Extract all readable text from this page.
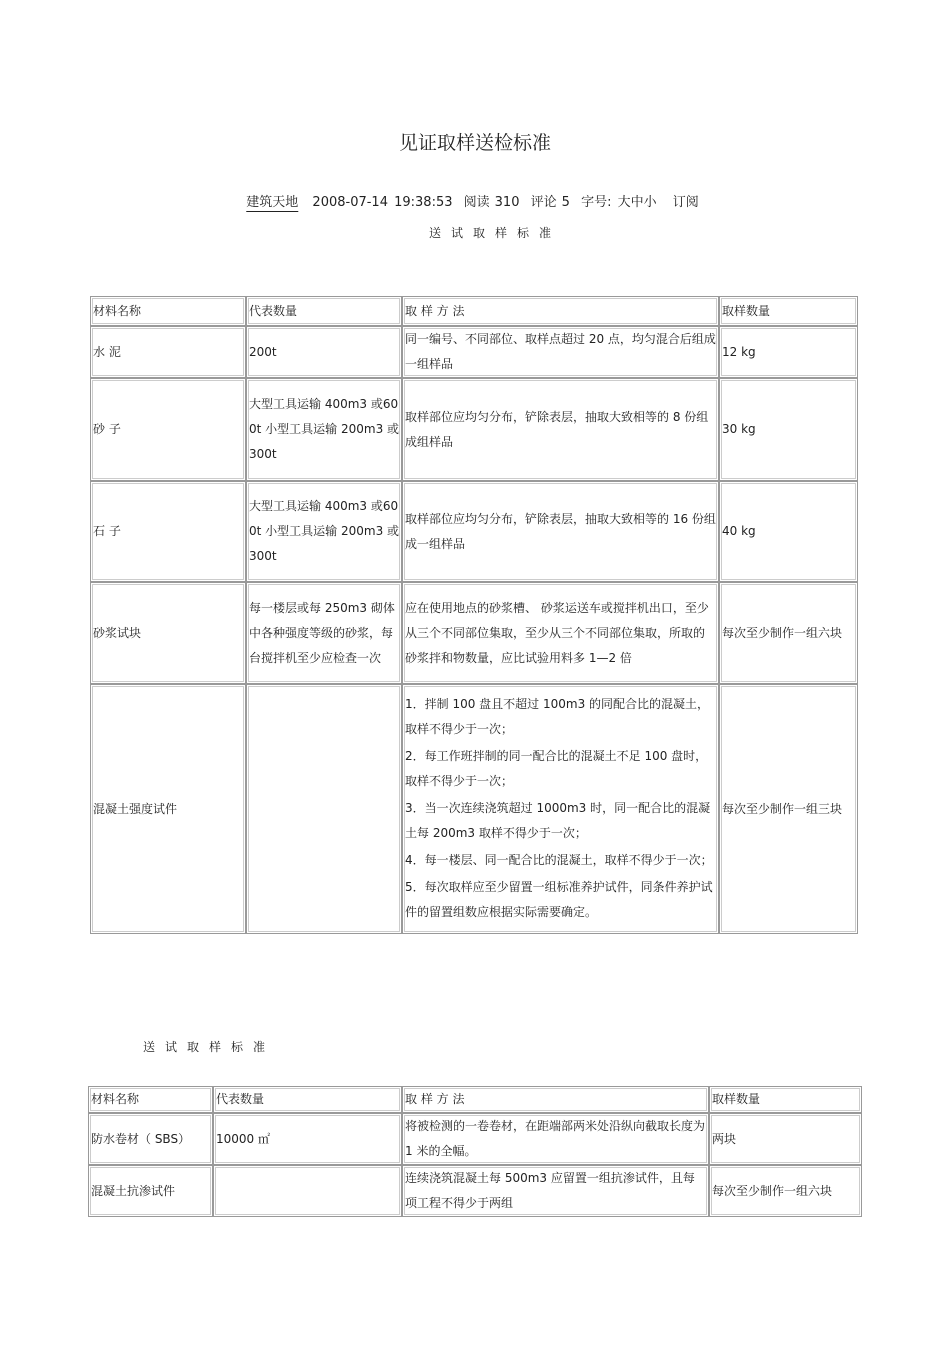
见证取样送检标准
建筑天地 2008-07-14 19:38:53 阅读 310 评论 5 字号: 大中小 订阅
送试取样标准
材料名称	代表数量	取 样 方 法	取样数量
水 泥	200t	同一编号、不同部位、取样点超过 20 点，均匀混合后组成一组样品	12 kg
砂 子	大型工具运输 400m3 或600t 小型工具运输 200m3 或300t	取样部位应均匀分布，铲除表层，抽取大致相等的 8 份组成组样品	30 kg
石 子	大型工具运输 400m3 或600t 小型工具运输 200m3 或300t	取样部位应均匀分布，铲除表层，抽取大致相等的 16 份组成一组样品	40 kg
砂浆试块	每一楼层或每 250m3 砌体中各种强度等级的砂浆，每台搅拌机至少应检查一次	应在使用地点的砂浆槽、 砂浆运送车或搅拌机出口，至少从三个不同部位集取，至少从三个不同部位集取，所取的砂浆拌和物数量，应比试验用料多 1—2 倍	每次至少制作一组六块
混凝土强度试件		1．拌制 100 盘且不超过 100m3 的同配合比的混凝土，取样不得少于一次；
2．每工作班拌制的同一配合比的混凝土不足 100 盘时，取样不得少于一次；
3．当一次连续浇筑超过 1000m3 时，同一配合比的混凝土每 200m3 取样不得少于一次；
4．每一楼层、同一配合比的混凝土，取样不得少于一次；
5．每次取样应至少留置一组标准养护试件，同条件养护试件的留置组数应根据实际需要确定。	每次至少制作一组三块
送试取样标准
材料名称	代表数量	取 样 方 法	取样数量
防水卷材（ SBS）	10000 ㎡	将被检测的一卷卷材，在距端部两米处沿纵向截取长度为 1 米的全幅。	两块
混凝土抗渗试件		连续浇筑混凝土每 500m3 应留置一组抗渗试件，且每项工程不得少于两组	每次至少制作一组六块
